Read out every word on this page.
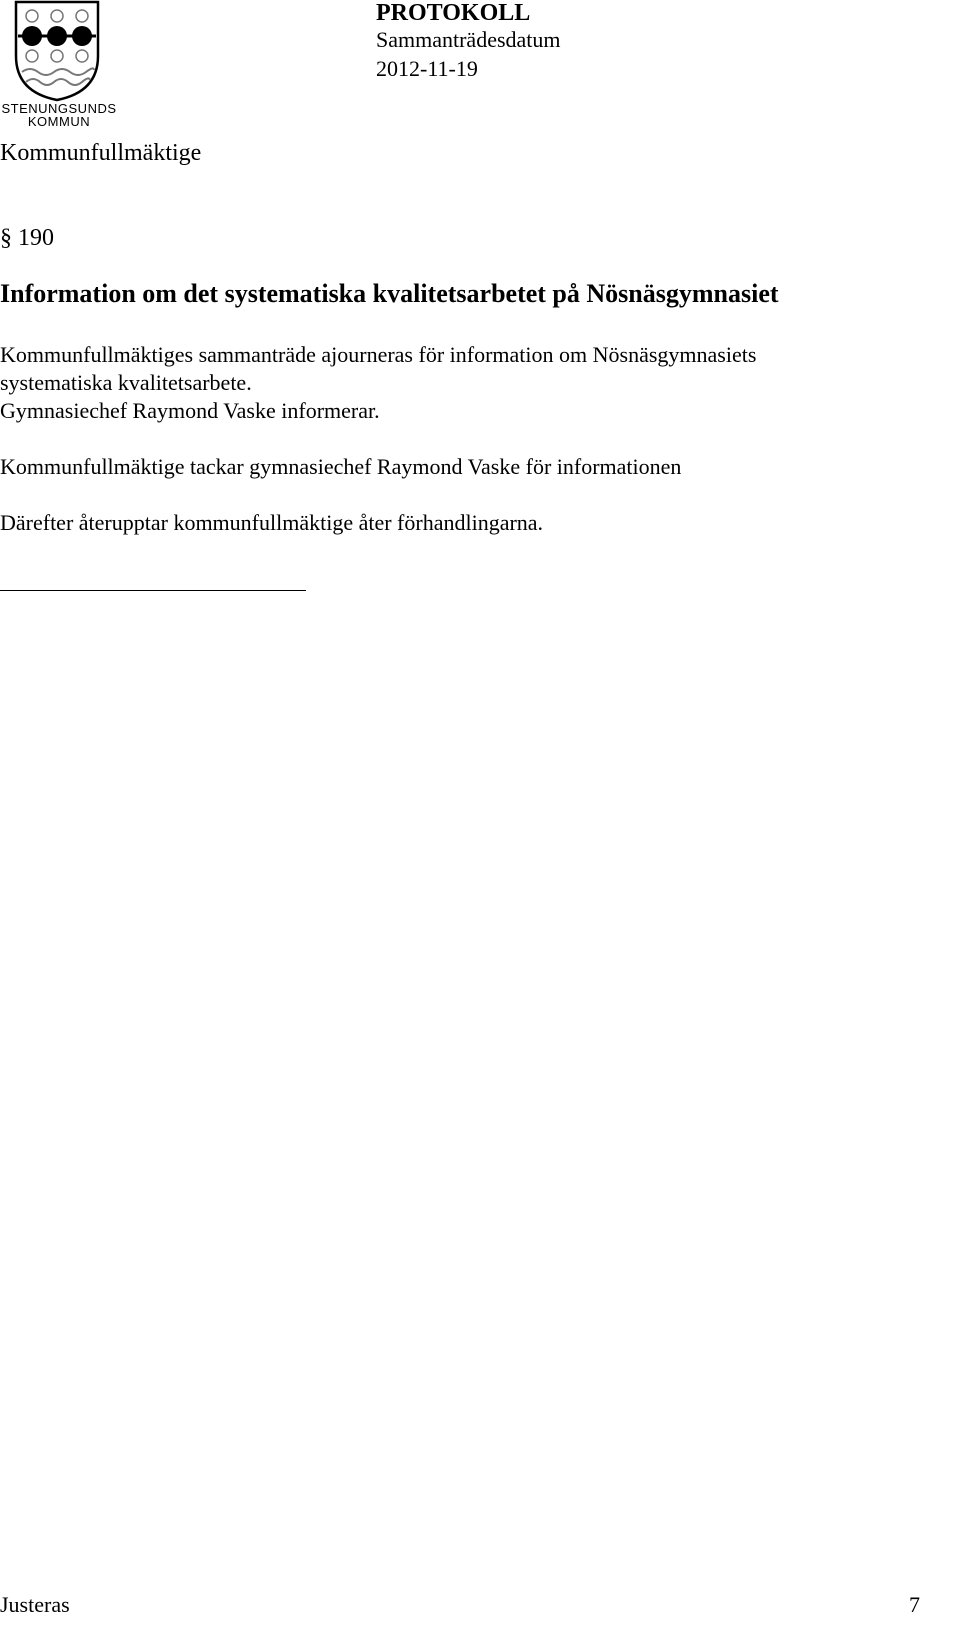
STENUNGSUNDS
KOMMUN
PROTOKOLL
Sammanträdesdatum
2012-11-19
Kommunfullmäktige
§ 190
Information om det systematiska kvalitetsarbetet på Nösnäsgymnasiet
Kommunfullmäktiges sammanträde ajourneras för information om Nösnäsgymnasiets
systematiska kvalitetsarbete.
Gymnasiechef Raymond Vaske informerar.
Kommunfullmäktige tackar gymnasiechef Raymond Vaske för informationen
Därefter återupptar kommunfullmäktige åter förhandlingarna.
Justeras	7
